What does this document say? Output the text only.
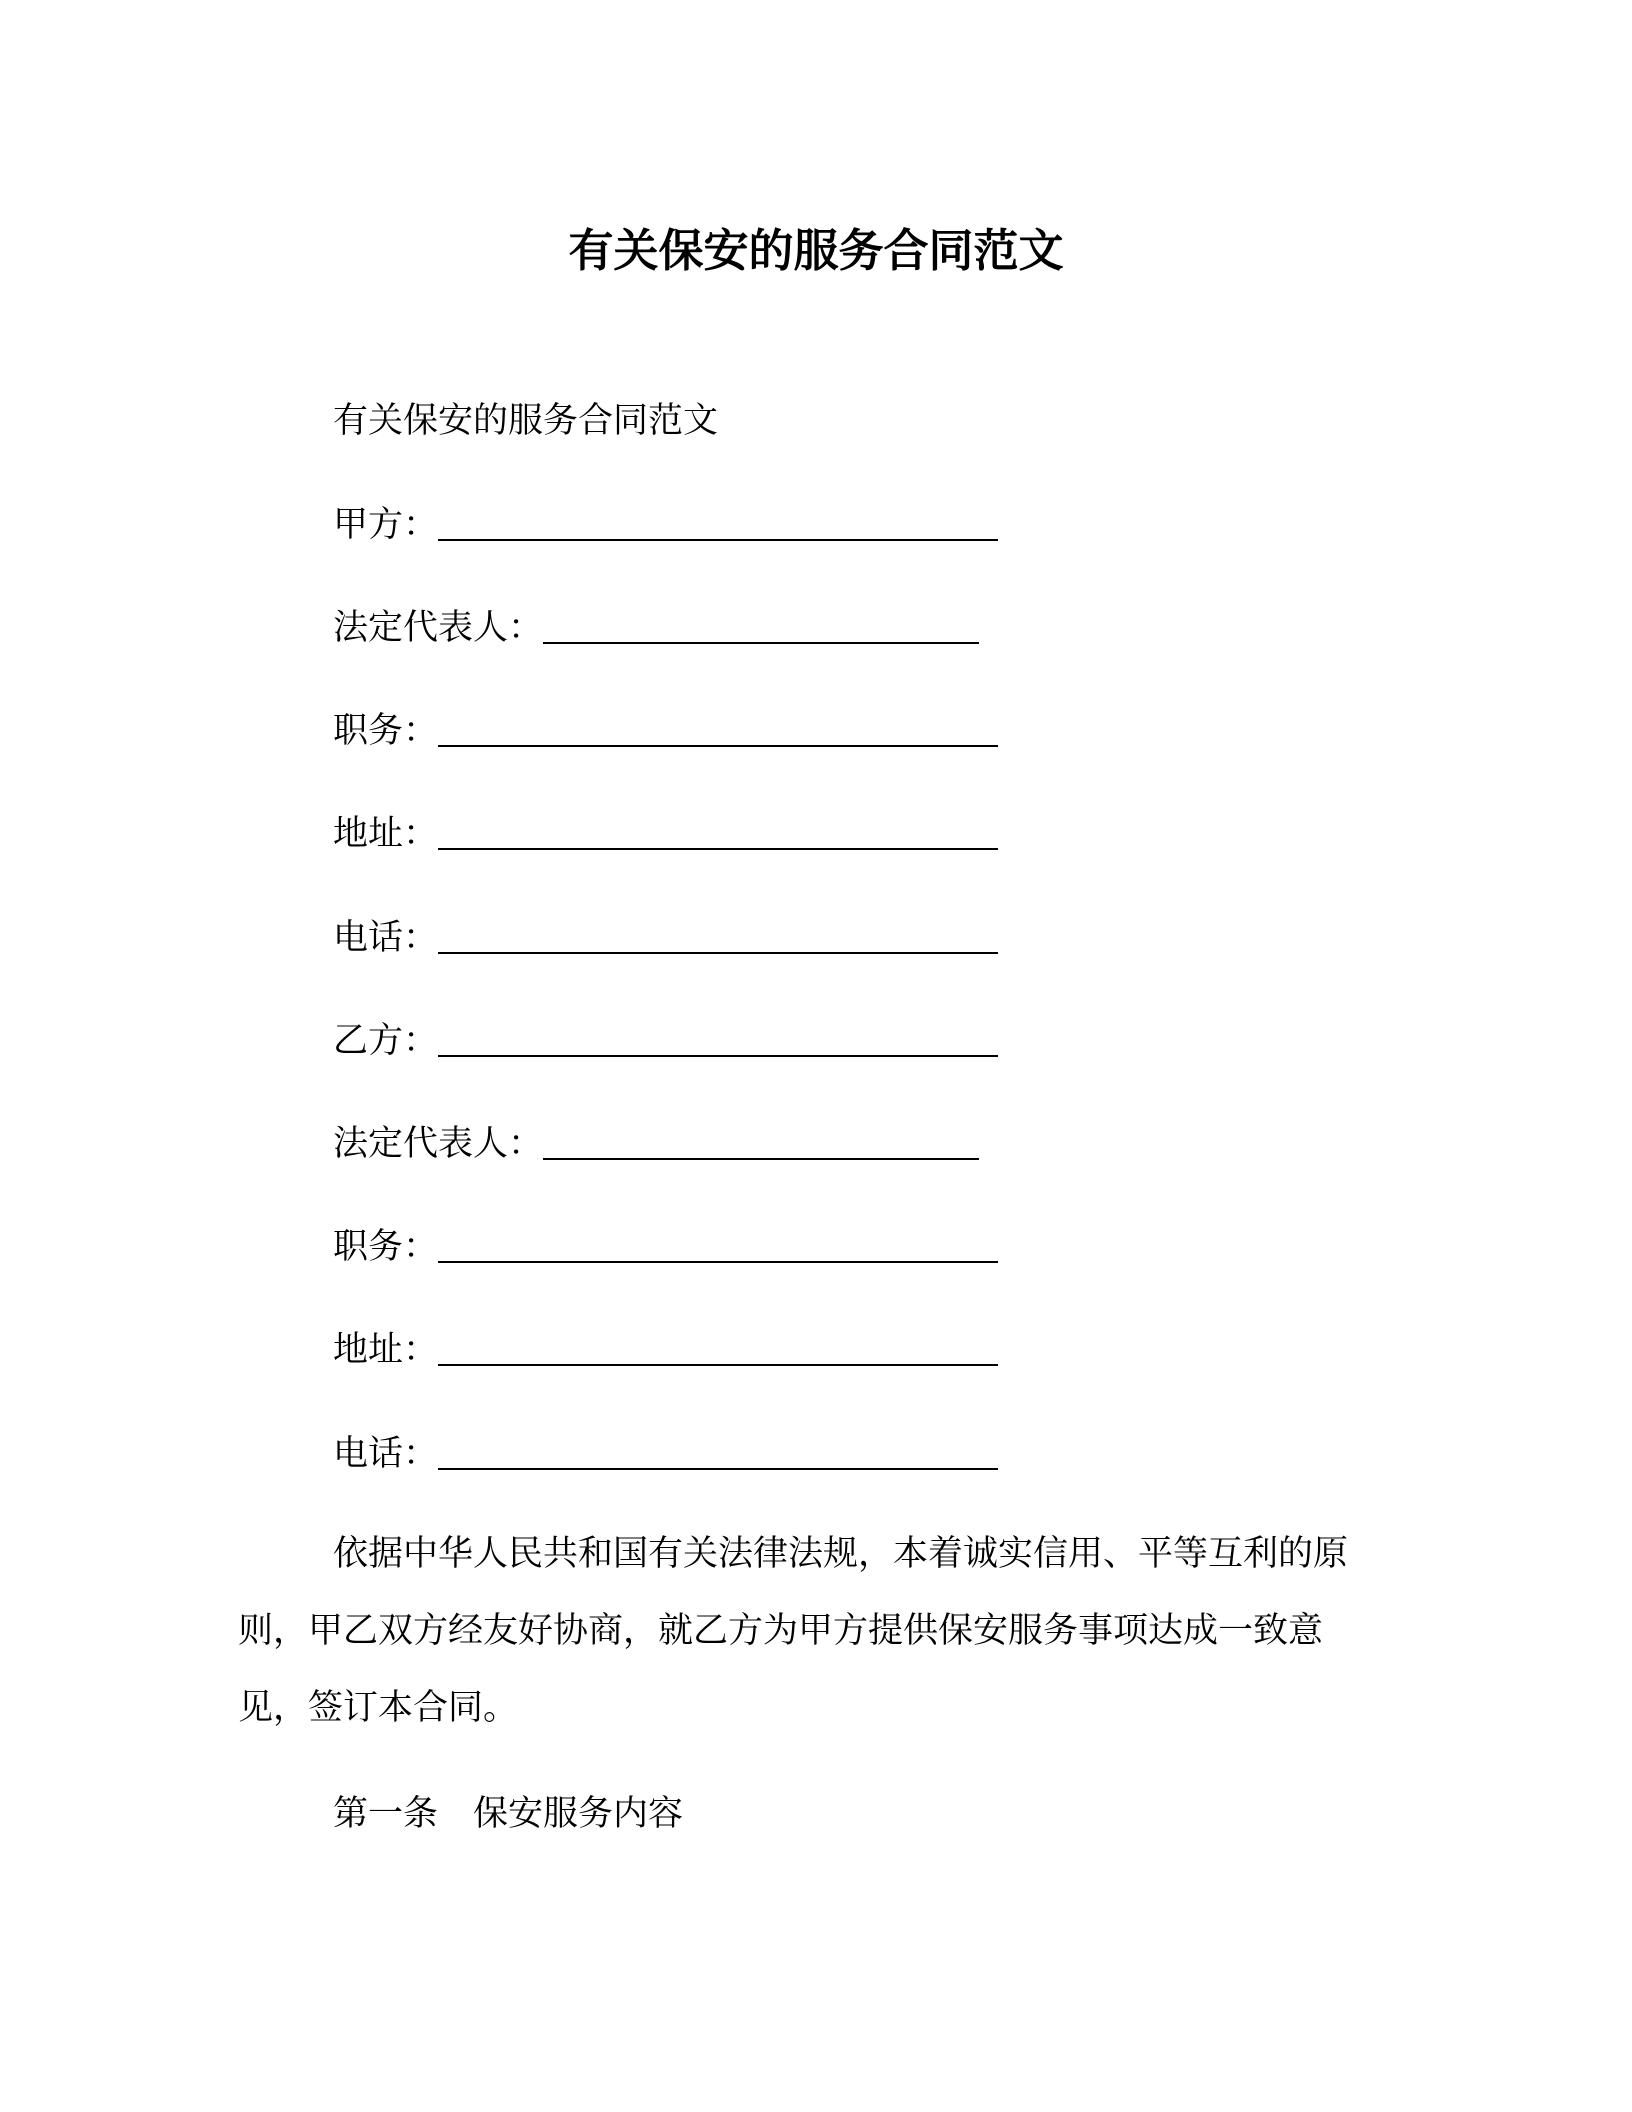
有关保安的服务合同范文
有关保安的服务合同范文
甲方：
法定代表人：
职务：
地址：
电话：
乙方：
法定代表人：
职务：
地址：
电话：
依据中华人民共和国有关法律法规，本着诚实信用、平等互利的原则，甲乙双方经友好协商，就乙方为甲方提供保安服务事项达成一致意见，签订本合同。
第一条　保安服务内容
